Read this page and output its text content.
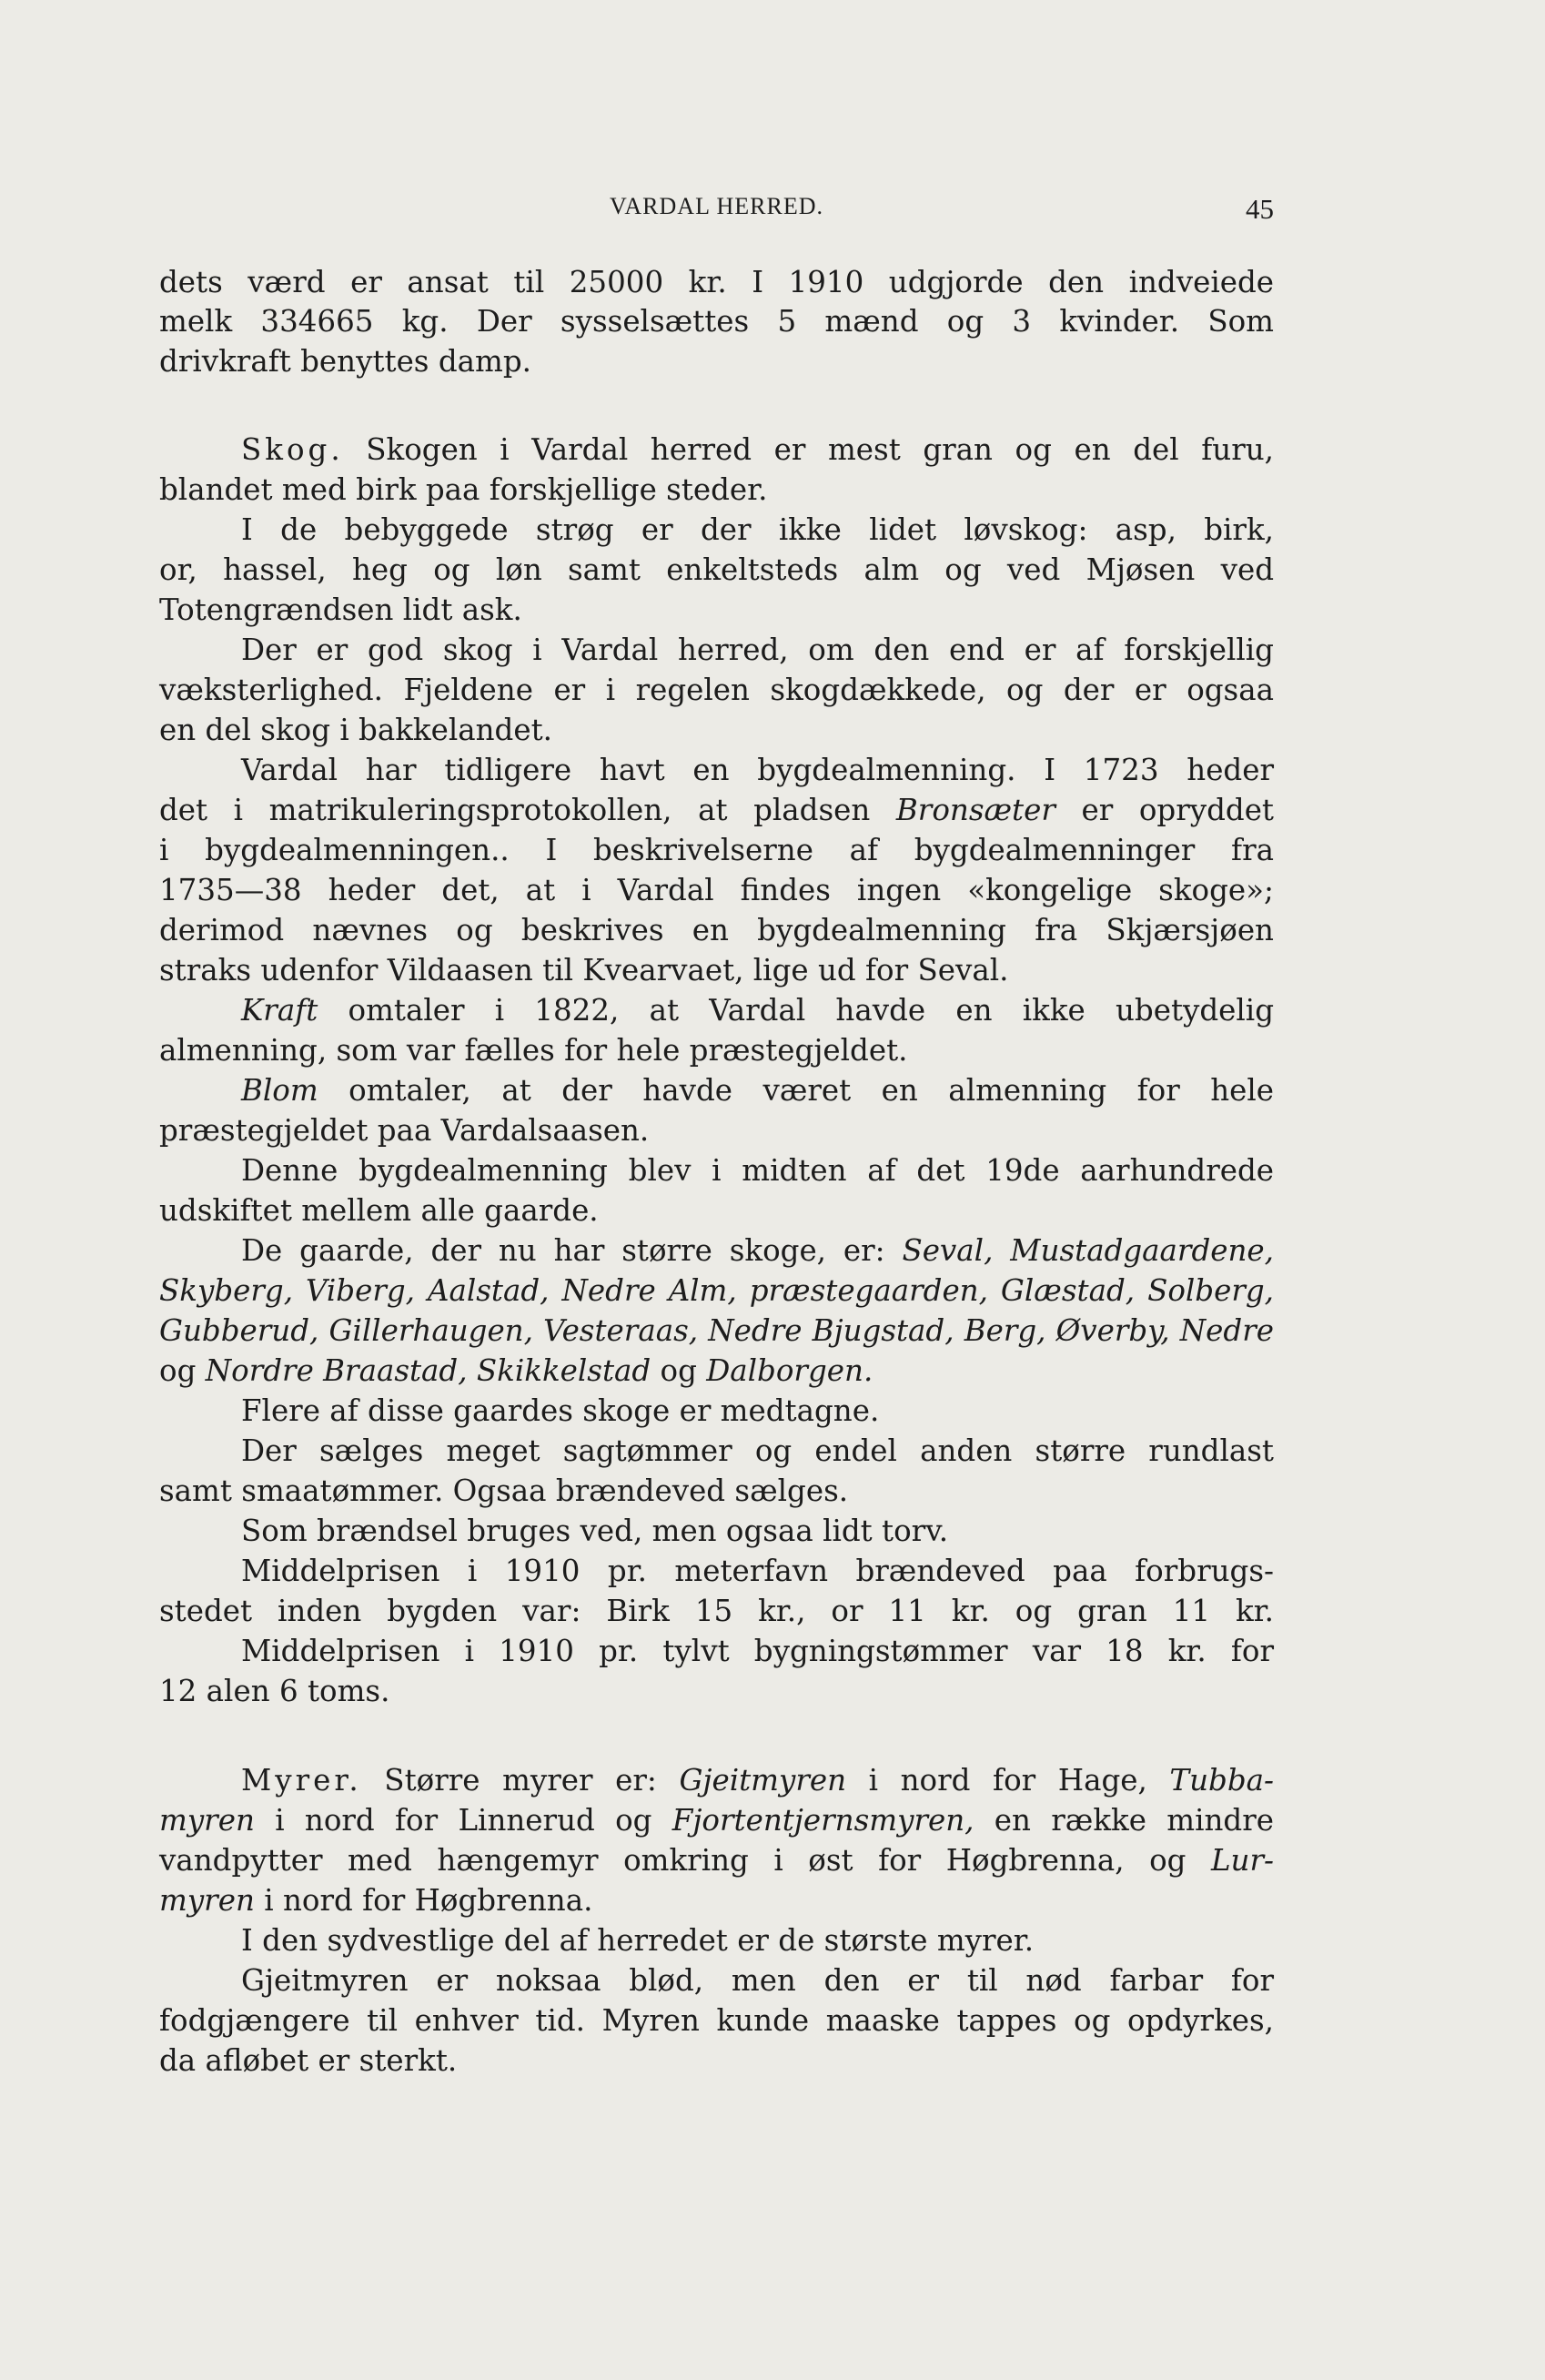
VARDAL HERRED.	45
dets værd er ansat til 25000 kr. I 1910 udgjorde den indveiede
melk 334665 kg. Der sysselsættes 5 mænd og 3 kvinder. Som
drivkraft benyttes damp.
Skog. Skogen i Vardal herred er mest gran og en del furu,
blandet med birk paa forskjellige steder.
I de bebyggede strøg er der ikke lidet løvskog: asp, birk,
or, hassel, heg og løn samt enkeltsteds alm og ved Mjøsen ved
Totengrændsen lidt ask.
Der er god skog i Vardal herred, om den end er af forskjellig
væksterlighed. Fjeldene er i regelen skogdækkede, og der er ogsaa
en del skog i bakkelandet.
Vardal har tidligere havt en bygdealmenning. I 1723 heder
det i matrikuleringsprotokollen, at pladsen Bronsæter er opryddet
i bygdealmenningen.. I beskrivelserne af bygdealmenninger fra
1735—38 heder det, at i Vardal findes ingen «kongelige skoge»;
derimod nævnes og beskrives en bygdealmenning fra Skjærsjøen
straks udenfor Vildaasen til Kvearvaet, lige ud for Seval.
Kraft omtaler i 1822, at Vardal havde en ikke ubetydelig
almenning, som var fælles for hele præstegjeldet.
Blom omtaler, at der havde været en almenning for hele
præstegjeldet paa Vardalsaasen.
Denne bygdealmenning blev i midten af det 19de aarhundrede
udskiftet mellem alle gaarde.
De gaarde, der nu har større skoge, er: Seval, Mustadgaardene,
Skyberg, Viberg, Aalstad, Nedre Alm, præstegaarden, Glæstad, Solberg,
Gubberud, Gillerhaugen, Vesteraas, Nedre Bjugstad, Berg, Øverby, Nedre
og Nordre Braastad, Skikkelstad og Dalborgen.
Flere af disse gaardes skoge er medtagne.
Der sælges meget sagtømmer og endel anden større rundlast
samt smaatømmer. Ogsaa brændeved sælges.
Som brændsel bruges ved, men ogsaa lidt torv.
Middelprisen i 1910 pr. meterfavn brændeved paa forbrugs-
stedet inden bygden var: Birk 15 kr., or 11 kr. og gran 11 kr.
Middelprisen i 1910 pr. tylvt bygningstømmer var 18 kr. for
12 alen 6 toms.
Myrer. Større myrer er: Gjeitmyren i nord for Hage, Tubba-
myren i nord for Linnerud og Fjortentjernsmyren, en række mindre
vandpytter med hængemyr omkring i øst for Høgbrenna, og Lur-
myren i nord for Høgbrenna.
I den sydvestlige del af herredet er de største myrer.
Gjeitmyren er noksaa blød, men den er til nød farbar for
fodgjængere til enhver tid. Myren kunde maaske tappes og opdyrkes,
da afløbet er sterkt.
